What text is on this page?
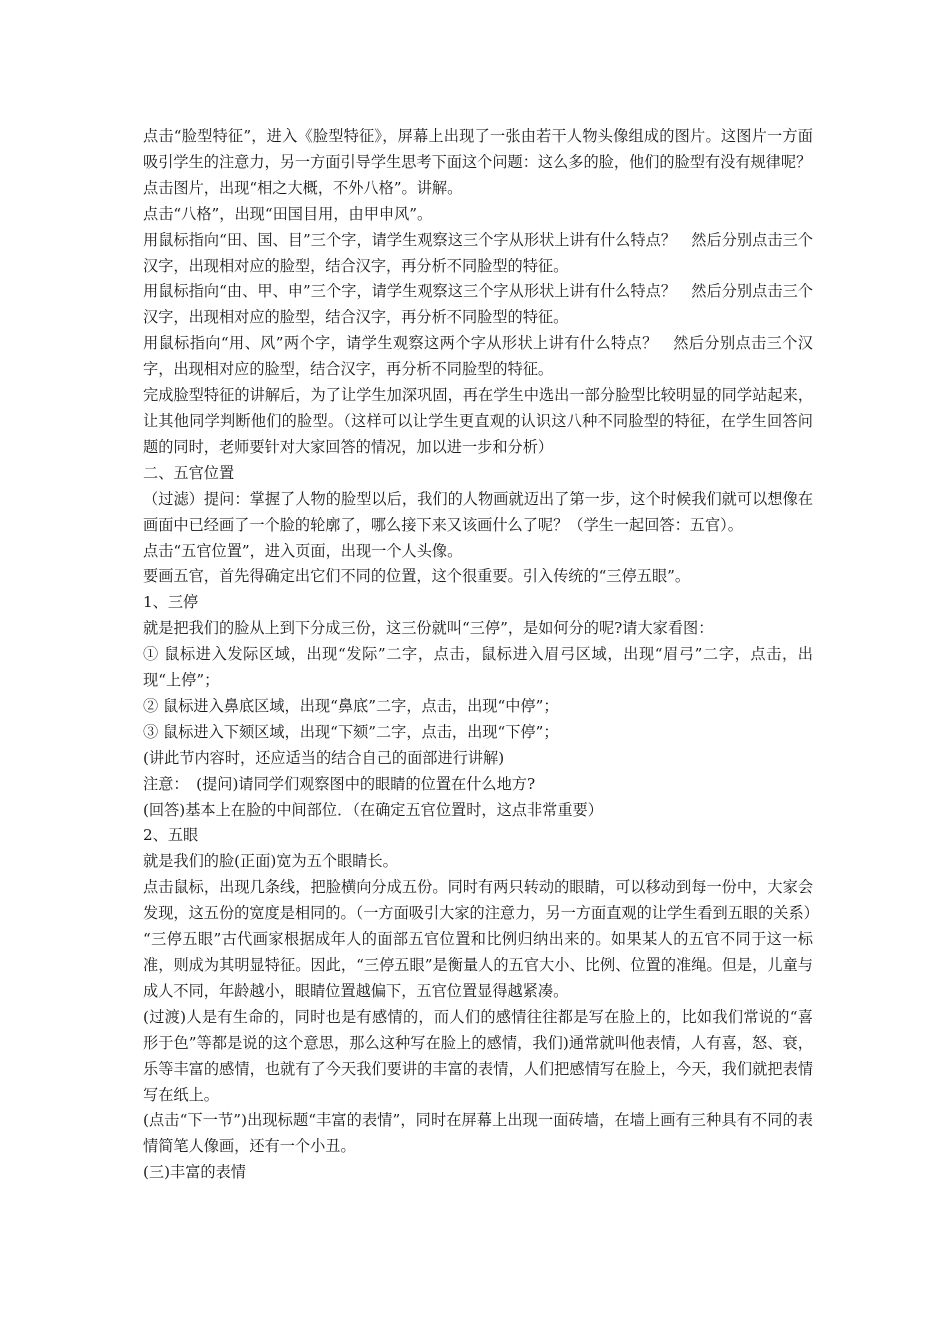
点击“脸型特征”，进入《脸型特征》，屏幕上出现了一张由若干人物头像组成的图片。这图片一方面吸引学生的注意力，另一方面引导学生思考下面这个问题：这么多的脸，他们的脸型有没有规律呢？

点击图片，出现“相之大概，不外八格”。讲解。

点击“八格”，出现“田国目用，由甲申风”。

用鼠标指向“田、国、目”三个字，请学生观察这三个字从形状上讲有什么特点？　然后分别点击三个汉字，出现相对应的脸型，结合汉字，再分析不同脸型的特征。

用鼠标指向“由、甲、申”三个字，请学生观察这三个字从形状上讲有什么特点？　然后分别点击三个汉字，出现相对应的脸型，结合汉字，再分析不同脸型的特征。

用鼠标指向“用、风”两个字，请学生观察这两个字从形状上讲有什么特点？　然后分别点击三个汉字，出现相对应的脸型，结合汉字，再分析不同脸型的特征。

完成脸型特征的讲解后，为了让学生加深巩固，再在学生中选出一部分脸型比较明显的同学站起来，让其他同学判断他们的脸型。（这样可以让学生更直观的认识这八种不同脸型的特征，在学生回答问题的同时，老师要针对大家回答的情况，加以进一步和分析）

二、五官位置

（过滤）提问：掌握了人物的脸型以后，我们的人物画就迈出了第一步，这个时候我们就可以想像在画面中已经画了一个脸的轮廓了，哪么接下来又该画什么了呢？（学生一起回答：五官）。

点击“五官位置”，进入页面，出现一个人头像。

要画五官，首先得确定出它们不同的位置，这个很重要。引入传统的“三停五眼”。

1、三停

就是把我们的脸从上到下分成三份，这三份就叫“三停”，是如何分的呢?请大家看图：

① 鼠标进入发际区域，出现“发际”二字，点击，鼠标进入眉弓区域，出现“眉弓”二字，点击，出现“上停”；

② 鼠标进入鼻底区域，出现“鼻底”二字，点击，出现“中停”；

③ 鼠标进入下颏区域，出现“下颏”二字，点击，出现“下停”；

(讲此节内容时，还应适当的结合自己的面部进行讲解)

注意：　(提问)请同学们观察图中的眼睛的位置在什么地方?

(回答)基本上在脸的中间部位．（在确定五官位置时，这点非常重要）

2、五眼

就是我们的脸(正面)宽为五个眼睛长。

点击鼠标，出现几条线，把脸横向分成五份。同时有两只转动的眼睛，可以移动到每一份中，大家会发现，这五份的宽度是相同的。（一方面吸引大家的注意力，另一方面直观的让学生看到五眼的关系）

“三停五眼”古代画家根据成年人的面部五官位置和比例归纳出来的。如果某人的五官不同于这一标准，则成为其明显特征。因此，“三停五眼”是衡量人的五官大小、比例、位置的准绳。但是，儿童与成人不同，年龄越小，眼睛位置越偏下，五官位置显得越紧凑。

(过渡)人是有生命的，同时也是有感情的，而人们的感情往往都是写在脸上的，比如我们常说的“喜形于色”等都是说的这个意思，那么这种写在脸上的感情，我们)通常就叫他表情，人有喜，怒、衰，乐等丰富的感情，也就有了今天我们要讲的丰富的表情，人们把感情写在脸上，今天，我们就把表情写在纸上。

(点击“下一节”)出现标题“丰富的表情”，同时在屏幕上出现一面砖墙，在墙上画有三种具有不同的表情简笔人像画，还有一个小丑。

(三)丰富的表情
